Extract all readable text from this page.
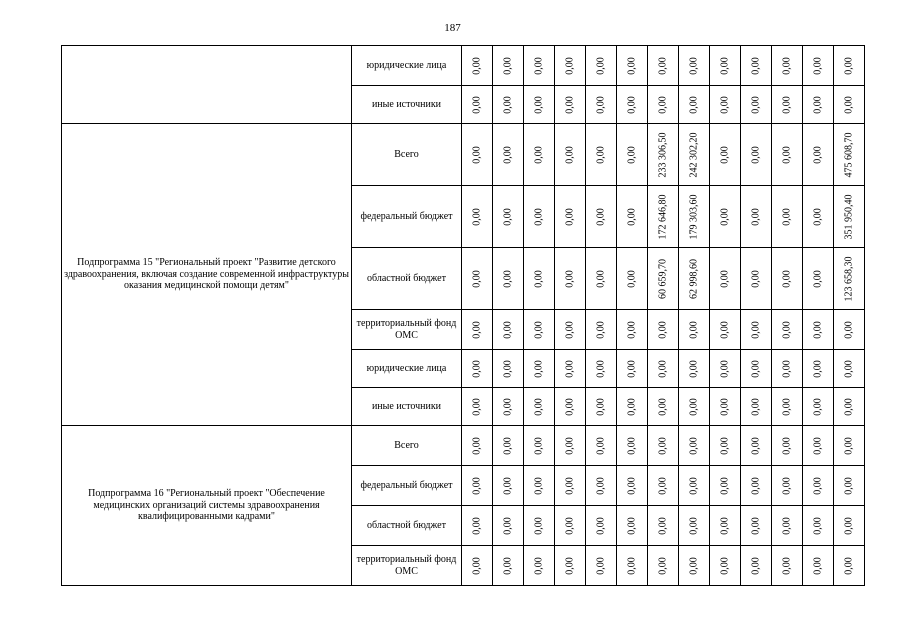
187
	юридические лица	0,00	0,00	0,00	0,00	0,00	0,00	0,00	0,00	0,00	0,00	0,00	0,00	0,00

	иные источники	0,00	0,00	0,00	0,00	0,00	0,00	0,00	0,00	0,00	0,00	0,00	0,00	0,00

Подпрограмма 15 "Региональный проект "Развитие детского здравоохранения, включая создание современной инфраструктуры оказания медицинской помощи детям"	Всего	0,00	0,00	0,00	0,00	0,00	0,00	233 306,50	242 302,20	0,00	0,00	0,00	0,00	475 608,70

	федеральный бюджет	0,00	0,00	0,00	0,00	0,00	0,00	172 646,80	179 303,60	0,00	0,00	0,00	0,00	351 950,40

	областной бюджет	0,00	0,00	0,00	0,00	0,00	0,00	60 659,70	62 998,60	0,00	0,00	0,00	0,00	123 658,30

	территориальный фонд ОМС	0,00	0,00	0,00	0,00	0,00	0,00	0,00	0,00	0,00	0,00	0,00	0,00	0,00

	юридические лица	0,00	0,00	0,00	0,00	0,00	0,00	0,00	0,00	0,00	0,00	0,00	0,00	0,00

	иные источники	0,00	0,00	0,00	0,00	0,00	0,00	0,00	0,00	0,00	0,00	0,00	0,00	0,00

Подпрограмма 16 "Региональный проект "Обеспечение медицинских организаций системы здравоохранения квалифицированными кадрами"	Всего	0,00	0,00	0,00	0,00	0,00	0,00	0,00	0,00	0,00	0,00	0,00	0,00	0,00

	федеральный бюджет	0,00	0,00	0,00	0,00	0,00	0,00	0,00	0,00	0,00	0,00	0,00	0,00	0,00

	областной бюджет	0,00	0,00	0,00	0,00	0,00	0,00	0,00	0,00	0,00	0,00	0,00	0,00	0,00

	территориальный фонд ОМС	0,00	0,00	0,00	0,00	0,00	0,00	0,00	0,00	0,00	0,00	0,00	0,00	0,00
